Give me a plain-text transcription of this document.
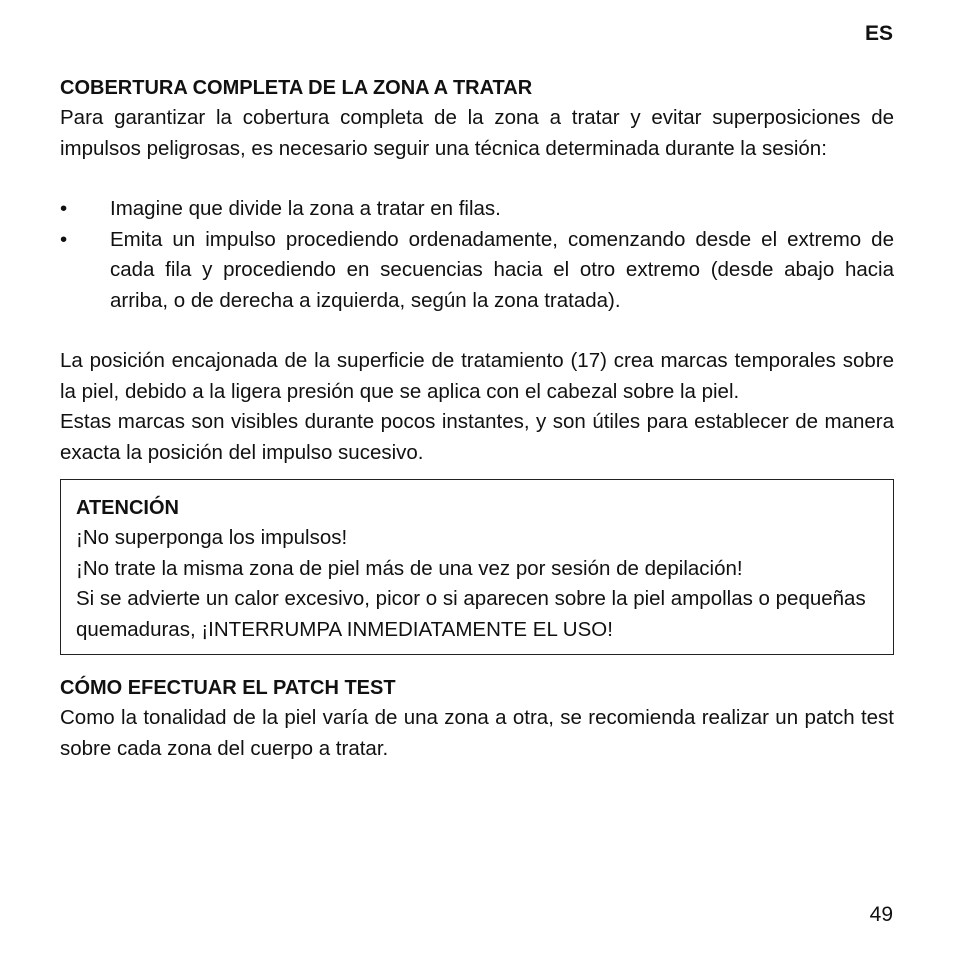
ES
COBERTURA COMPLETA DE LA ZONA A TRATAR

Para garantizar la cobertura completa de la zona a tratar y evitar superposiciones de impulsos peligrosas, es necesario seguir una técnica determinada durante la sesión:

• Imagine que divide la zona a tratar en filas.
• Emita un impulso procediendo ordenadamente, comenzando desde el extremo de cada fila y procediendo en secuencias hacia el otro extremo (desde abajo hacia arriba, o de derecha a izquierda, según la zona tratada).

La posición encajonada de la superficie de tratamiento (17) crea marcas temporales sobre la piel, debido a la ligera presión que se aplica con el cabezal sobre la piel.

Estas marcas son visibles durante pocos instantes, y son útiles para establecer de manera exacta la posición del impulso sucesivo.

ATENCIÓN

¡No superponga los impulsos!

¡No trate la misma zona de piel más de una vez por sesión de depilación!

Si se advierte un calor excesivo, picor o si aparecen sobre la piel ampollas o pequeñas quemaduras, ¡INTERRUMPA INMEDIATAMENTE EL USO!

CÓMO EFECTUAR EL PATCH TEST

Como la tonalidad de la piel varía de una zona a otra, se recomienda realizar un patch test sobre cada zona del cuerpo a tratar.

49
